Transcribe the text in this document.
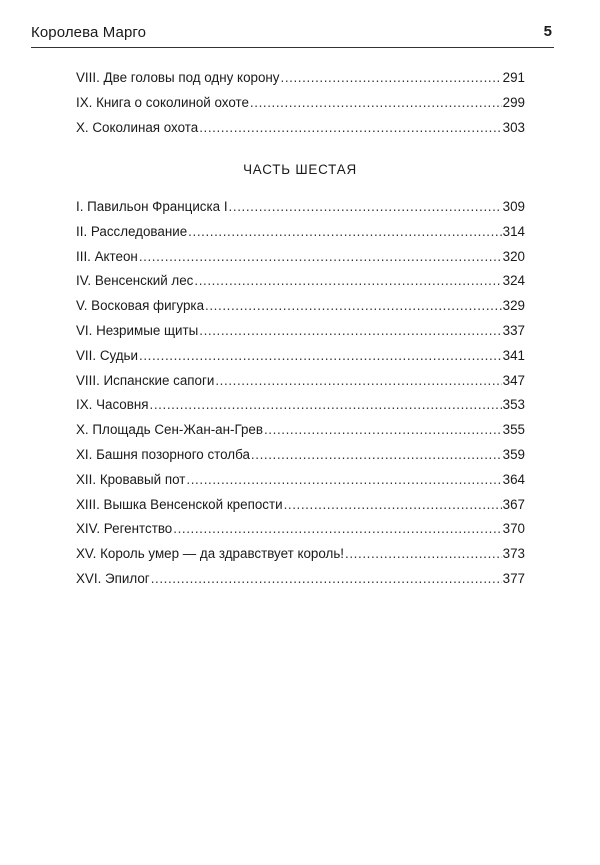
Королева Марго	5
VIII. Две головы под одну корону .....	291
IX. Книга о соколиной охоте .....	299
X. Соколиная охота .....	303
ЧАСТЬ ШЕСТАЯ
I. Павильон Франциска I .....	309
II. Расследование .....	314
III. Актеон .....	320
IV. Венсенский лес .....	324
V. Восковая фигурка .....	329
VI. Незримые щиты .....	337
VII. Судьи .....	341
VIII. Испанские сапоги .....	347
IX. Часовня .....	353
X. Площадь Сен-Жан-ан-Грев .....	355
XI. Башня позорного столба .....	359
XII. Кровавый пот .....	364
XIII. Вышка Венсенской крепости .....	367
XIV. Регентство .....	370
XV. Король умер — да здравствует король! .....	373
XVI. Эпилог .....	377
